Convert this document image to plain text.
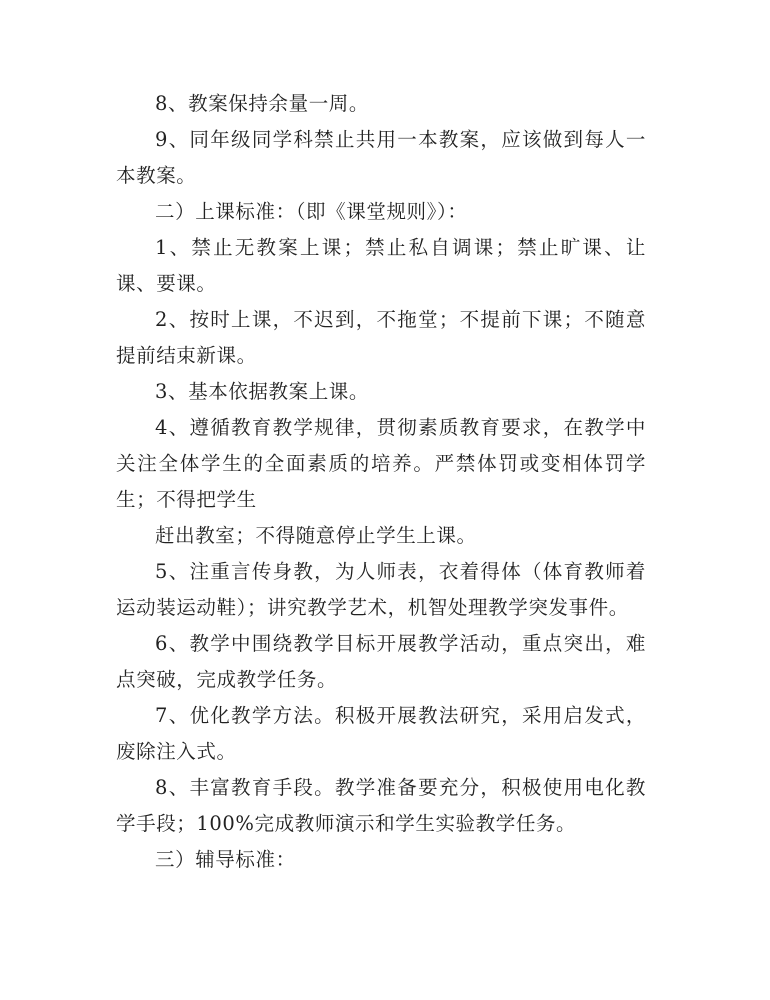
8、教案保持余量一周。

9、同年级同学科禁止共用一本教案，应该做到每人一本教案。

二）上课标准：（即《课堂规则》）：

1、禁止无教案上课；禁止私自调课；禁止旷课、让课、要课。

2、按时上课，不迟到，不拖堂；不提前下课；不随意提前结束新课。

3、基本依据教案上课。

4、遵循教育教学规律，贯彻素质教育要求，在教学中关注全体学生的全面素质的培养。严禁体罚或变相体罚学生；不得把学生

赶出教室；不得随意停止学生上课。

5、注重言传身教，为人师表，衣着得体（体育教师着运动装运动鞋）；讲究教学艺术，机智处理教学突发事件。

6、教学中围绕教学目标开展教学活动，重点突出，难点突破，完成教学任务。

7、优化教学方法。积极开展教法研究，采用启发式，废除注入式。

8、丰富教育手段。教学准备要充分，积极使用电化教学手段；100%完成教师演示和学生实验教学任务。

三）辅导标准：
